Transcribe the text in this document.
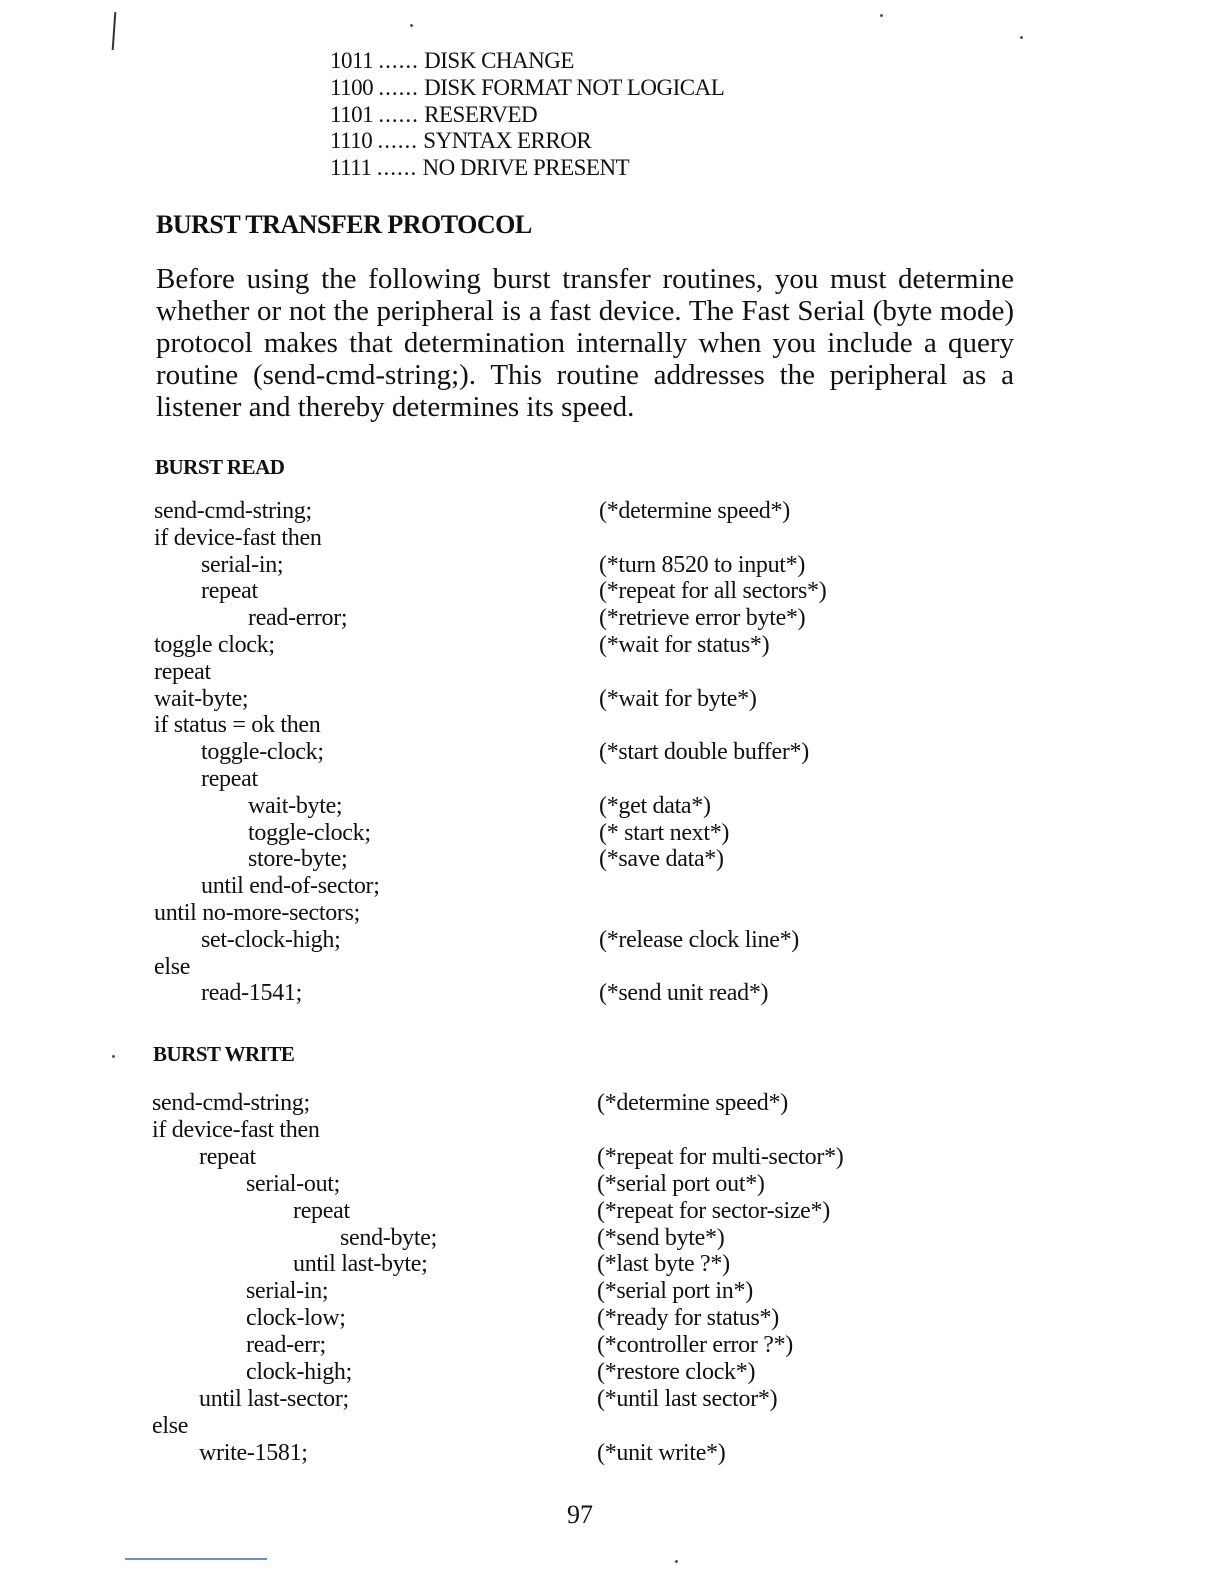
1011 ...... DISK CHANGE
1100 ...... DISK FORMAT NOT LOGICAL
1101 ...... RESERVED
1110 ...... SYNTAX ERROR
1111 ...... NO DRIVE PRESENT
BURST TRANSFER PROTOCOL

Before using the following burst transfer routines, you must determine whether or not the peripheral is a fast device. The Fast Serial (byte mode) protocol makes that determination internally when you include a query routine (send-cmd-string;). This routine addresses the peripheral as a listener and thereby determines its speed.

BURST READ
send-cmd-string;	(*determine speed*)
if device-fast then
serial-in;	(*turn 8520 to input*)
repeat	(*repeat for all sectors*)
read-error;	(*retrieve error byte*)
toggle clock;	(*wait for status*)
repeat
wait-byte;	(*wait for byte*)
if status = ok then
toggle-clock;	(*start double buffer*)
repeat
wait-byte;	(*get data*)
toggle-clock;	(* start next*)
store-byte;	(*save data*)
until end-of-sector;
until no-more-sectors;
set-clock-high;	(*release clock line*)
else
read-1541;	(*send unit read*)
BURST WRITE
send-cmd-string;	(*determine speed*)
if device-fast then
repeat	(*repeat for multi-sector*)
serial-out;	(*serial port out*)
repeat	(*repeat for sector-size*)
send-byte;	(*send byte*)
until last-byte;	(*last byte ?*)
serial-in;	(*serial port in*)
clock-low;	(*ready for status*)
read-err;	(*controller error ?*)
clock-high;	(*restore clock*)
until last-sector;	(*until last sector*)
else
write-1581;	(*unit write*)
97
